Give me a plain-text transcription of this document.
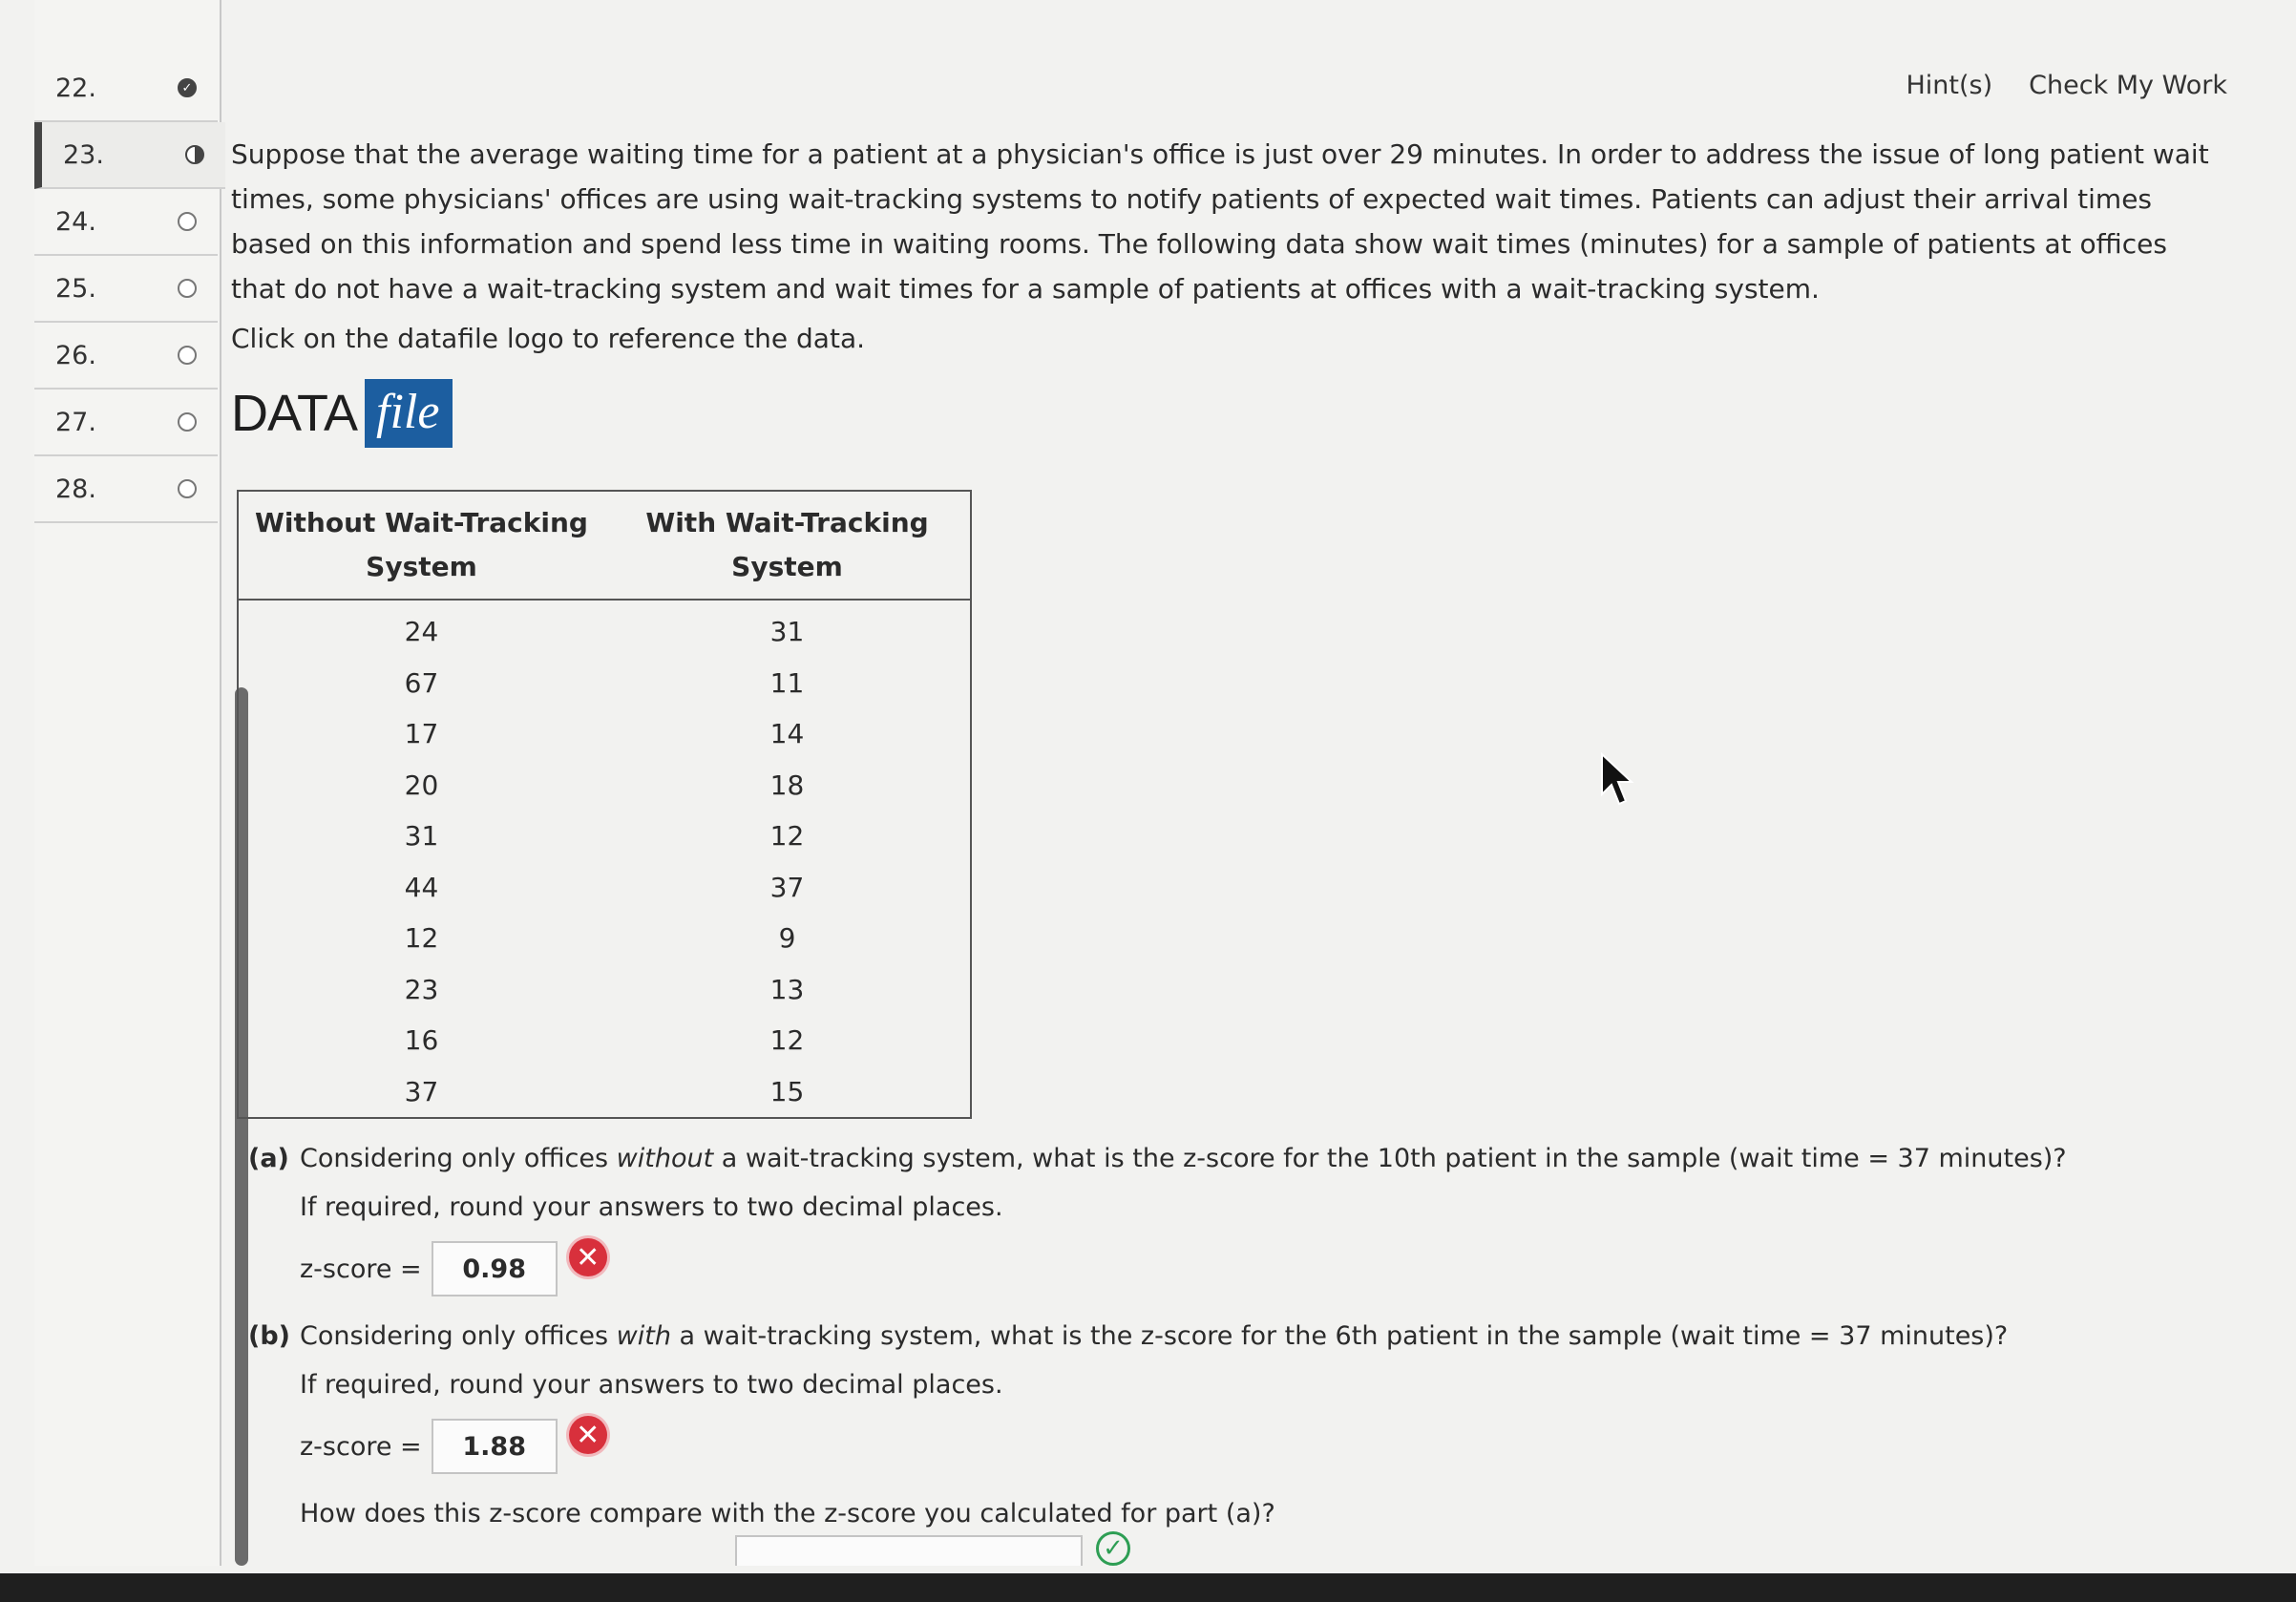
22.	✓
23.
24.
25.
26.
27.
28.
Hint(s) Check My Work

Suppose that the average waiting time for a patient at a physician's office is just over 29 minutes. In order to address the issue of long patient wait times, some physicians' offices are using wait-tracking systems to notify patients of expected wait times. Patients can adjust their arrival times based on this information and spend less time in waiting rooms. The following data show wait times (minutes) for a sample of patients at offices that do not have a wait-tracking system and wait times for a sample of patients at offices with a wait-tracking system.

Click on the datafile logo to reference the data.
DATA file
Without Wait-Tracking System	With Wait-Tracking System
24	31
67	11
17	14
20	18
31	12
44	37
12	9
23	13
16	12
37	15
(a) Considering only offices without a wait-tracking system, what is the z-score for the 10th patient in the sample (wait time = 37 minutes)?
If required, round your answers to two decimal places.
z-score =	0.98	✕
(b) Considering only offices with a wait-tracking system, what is the z-score for the 6th patient in the sample (wait time = 37 minutes)?
If required, round your answers to two decimal places.
z-score =	1.88	✕
How does this z-score compare with the z-score you calculated for part (a)?
✓
